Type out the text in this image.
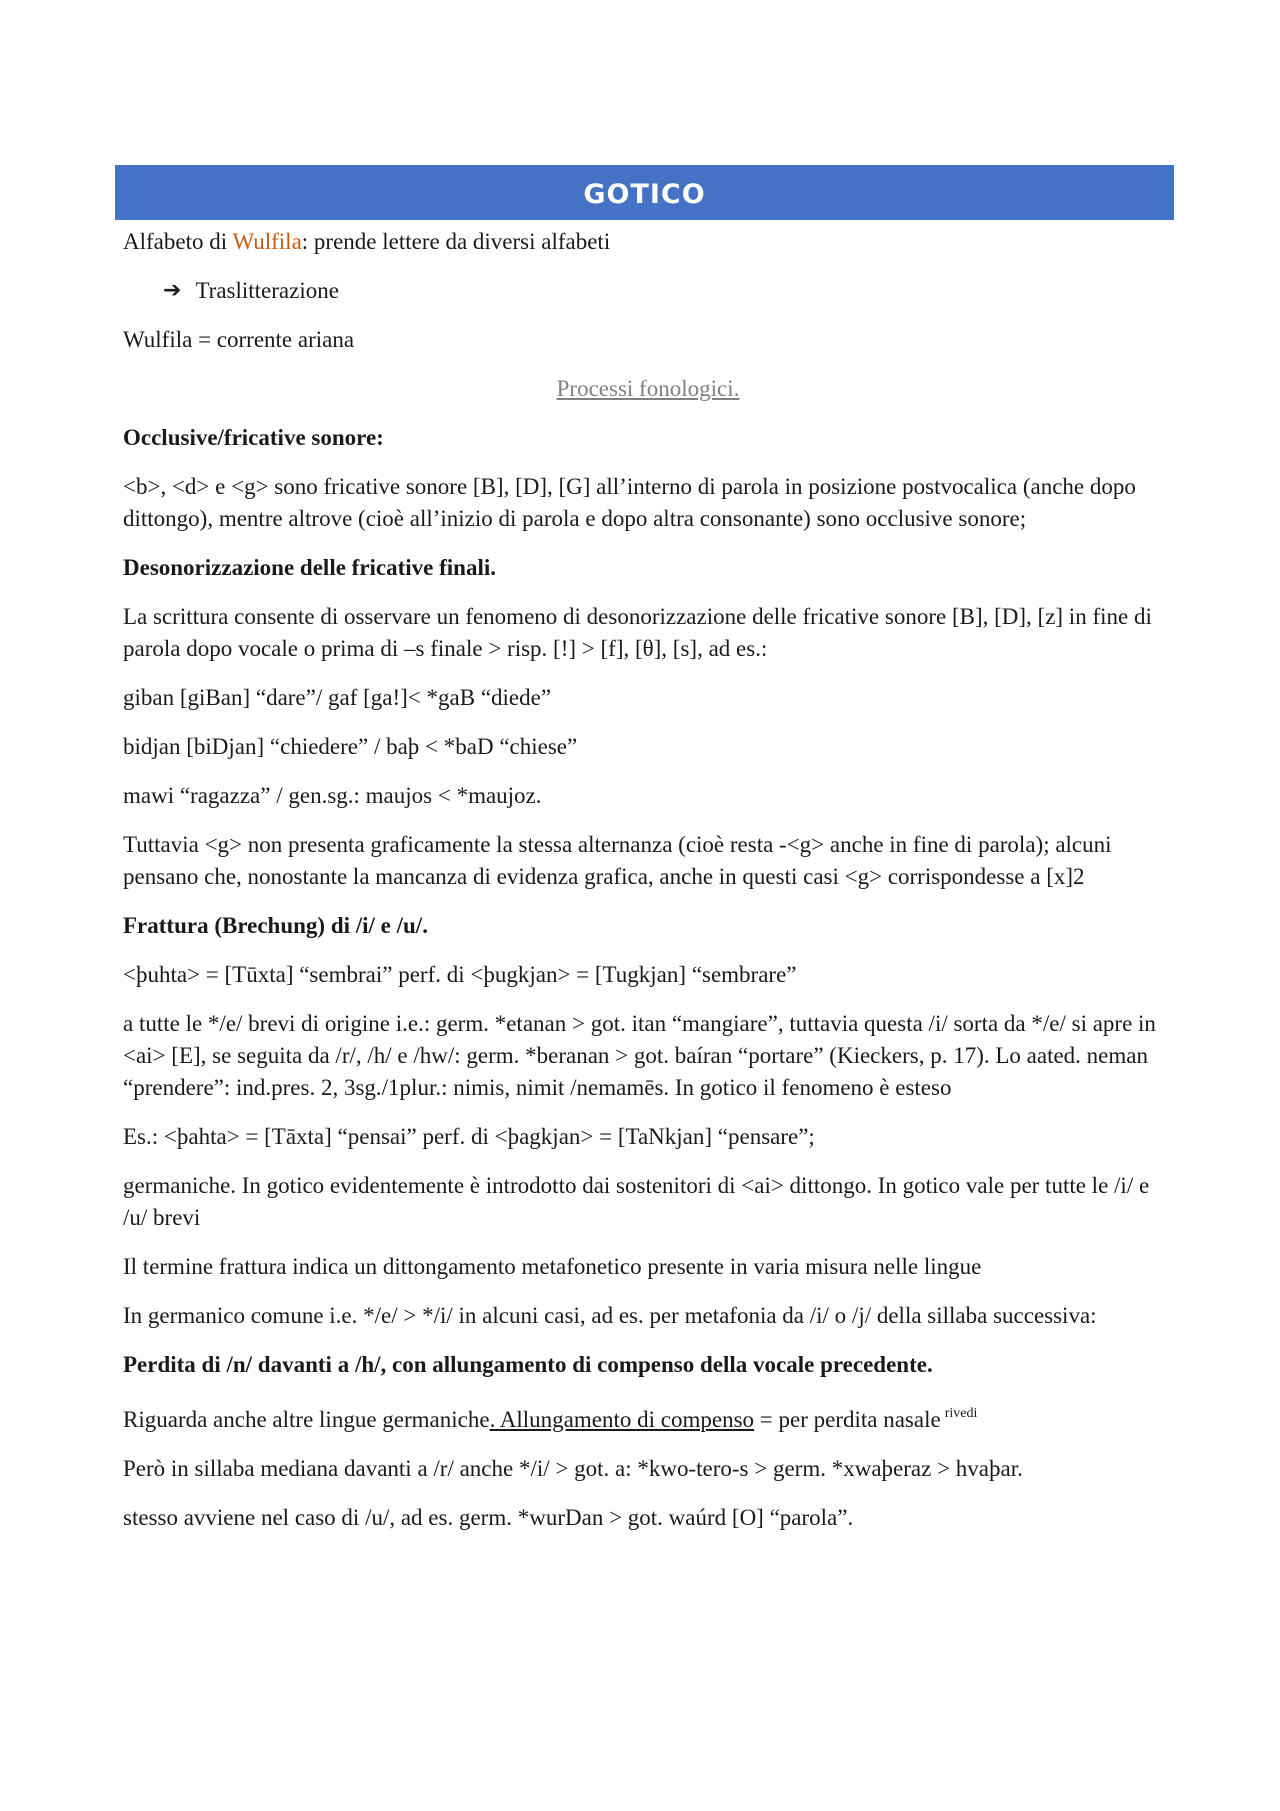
GOTICO

Alfabeto di Wulfila: prende lettere da diversi alfabeti

➔ Traslitterazione

Wulfila = corrente ariana

Processi fonologici.

Occlusive/fricative sonore:

<b>, <d> e <g> sono fricative sonore [B], [D], [G] all’interno di parola in posizione postvocalica (anche dopo dittongo), mentre altrove (cioè all’inizio di parola e dopo altra consonante) sono occlusive sonore;

Desonorizzazione delle fricative finali.

La scrittura consente di osservare un fenomeno di desonorizzazione delle fricative sonore [B], [D], [z] in fine di parola dopo vocale o prima di –s finale > risp. [!] > [f], [θ], [s], ad es.:

giban [giBan] “dare”/ gaf [ga!]< *gaB “diede”

bidjan [biDjan] “chiedere” / baþ < *baD “chiese”

mawi “ragazza” / gen.sg.: maujos < *maujoz.

Tuttavia <g> non presenta graficamente la stessa alternanza (cioè resta -<g> anche in fine di parola); alcuni pensano che, nonostante la mancanza di evidenza grafica, anche in questi casi <g> corrispondesse a [x]2

Frattura (Brechung) di /i/ e /u/.

<þuhta> = [Tūxta] “sembrai” perf. di <þugkjan> = [Tugkjan] “sembrare”

a tutte le */e/ brevi di origine i.e.: germ. *etanan > got. itan “mangiare”, tuttavia questa /i/ sorta da */e/ si apre in <ai> [E], se seguita da /r/, /h/ e /hw/: germ. *beranan > got. baíran “portare” (Kieckers, p. 17). Lo aated. neman “prendere”: ind.pres. 2, 3sg./1plur.: nimis, nimit /nemamēs. In gotico il fenomeno è esteso

Es.: <þahta> = [Tāxta] “pensai” perf. di <þagkjan> = [TaNkjan] “pensare”;

germaniche. In gotico evidentemente è introdotto dai sostenitori di <ai> dittongo. In gotico vale per tutte le /i/ e /u/ brevi

Il termine frattura indica un dittongamento metafonetico presente in varia misura nelle lingue

In germanico comune i.e. */e/ > */i/ in alcuni casi, ad es. per metafonia da /i/ o /j/ della sillaba successiva:

Perdita di /n/ davanti a /h/, con allungamento di compenso della vocale precedente.

Riguarda anche altre lingue germaniche. Allungamento di compenso = per perdita nasale $^{rivedi}$

Però in sillaba mediana davanti a /r/ anche */i/ > got. a: *kwo-tero-s > germ. *xwaþeraz > hvaþar.

stesso avviene nel caso di /u/, ad es. germ. *wurDan > got. waúrd [O] “parola”.
